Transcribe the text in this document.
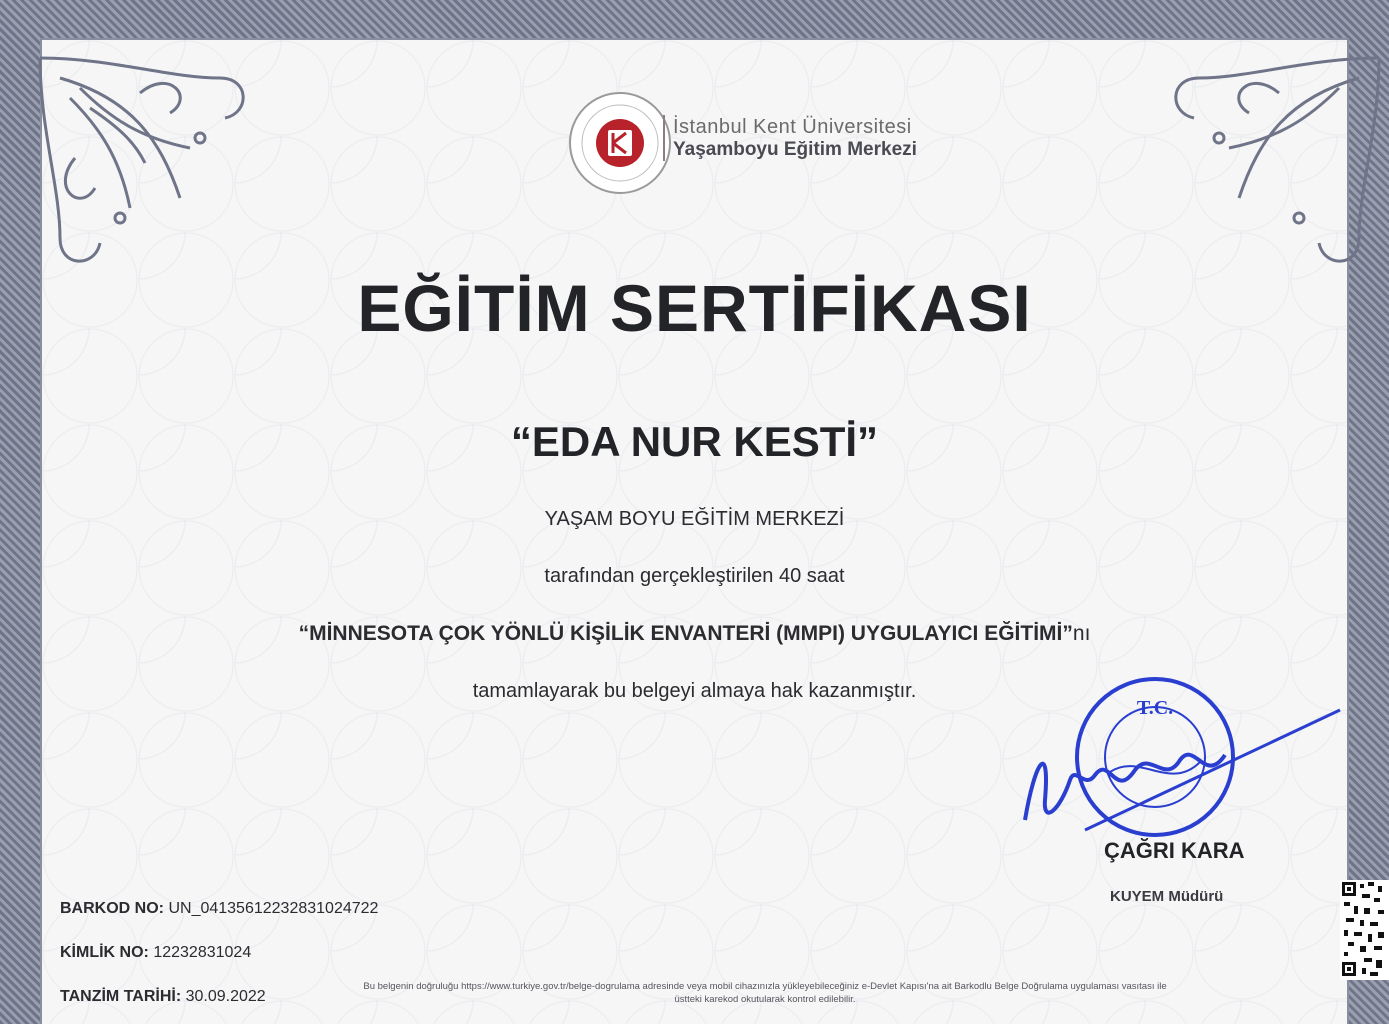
İstanbul Kent Üniversitesi
Yaşamboyu Eğitim Merkezi
EĞİTİM SERTİFİKASI
“EDA NUR KESTİ”
YAŞAM BOYU EĞİTİM MERKEZİ
tarafından gerçekleştirilen 40 saat
“MİNNESOTA ÇOK YÖNLÜ KİŞİLİK ENVANTERİ (MMPI) UYGULAYICI EĞİTİMİ”nı
tamamlayarak bu belgeyi almaya hak kazanmıştır.
T.C.
ÇAĞRI KARA
KUYEM Müdürü
BARKOD NO: UN_04135612232831024722
KİMLİK NO: 12232831024
TANZİM TARİHİ: 30.09.2022
Bu belgenin doğruluğu https://www.turkiye.gov.tr/belge-dogrulama adresinde veya mobil cihazınızla yükleyebileceğiniz e-Devlet Kapısı'na ait Barkodlu Belge Doğrulama uygulaması vasıtası ile üstteki karekod okutularak kontrol edilebilir.
